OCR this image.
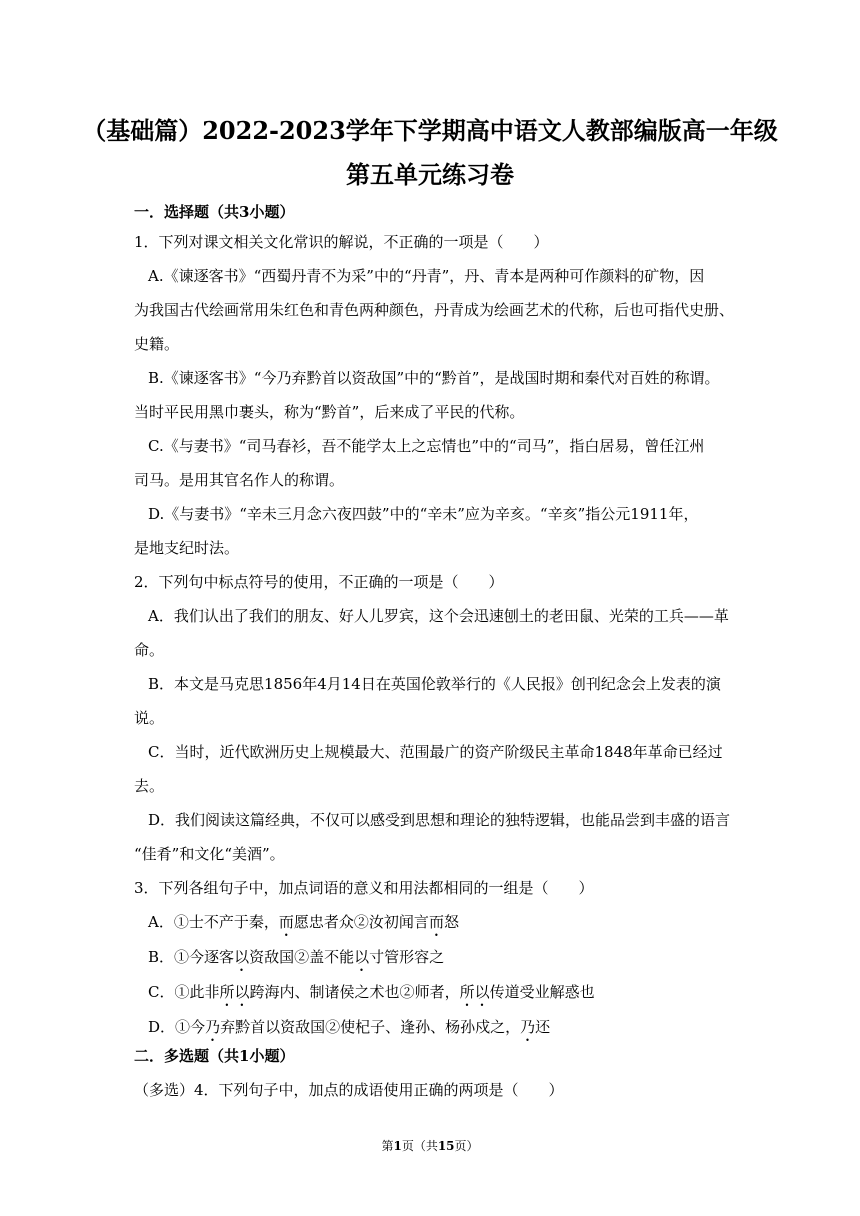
（基础篇）2022-2023学年下学期高中语文人教部编版高一年级
第五单元练习卷
一．选择题（共3小题）

1．下列对课文相关文化常识的解说，不正确的一项是（　　）

A.《谏逐客书》“西蜀丹青不为采”中的“丹青”，丹、青本是两种可作颜料的矿物，因

为我国古代绘画常用朱红色和青色两种颜色，丹青成为绘画艺术的代称，后也可指代史册、

史籍。

B.《谏逐客书》“今乃弃黔首以资敌国”中的“黔首”，是战国时期和秦代对百姓的称谓。

当时平民用黑巾裹头，称为“黔首”，后来成了平民的代称。

C.《与妻书》“司马春衫，吾不能学太上之忘情也”中的“司马”，指白居易，曾任江州

司马。是用其官名作人的称谓。

D.《与妻书》“辛未三月念六夜四鼓”中的“辛未”应为辛亥。“辛亥”指公元1911年，

是地支纪时法。

2．下列句中标点符号的使用，不正确的一项是（　　）

A．我们认出了我们的朋友、好人儿罗宾，这个会迅速刨土的老田鼠、光荣的工兵——革

命。

B．本文是马克思1856年4月14日在英国伦敦举行的《人民报》创刊纪念会上发表的演

说。

C．当时，近代欧洲历史上规模最大、范围最广的资产阶级民主革命1848年革命已经过

去。

D．我们阅读这篇经典，不仅可以感受到思想和理论的独特逻辑，也能品尝到丰盛的语言

“佳肴”和文化“美酒”。

3．下列各组句子中，加点词语的意义和用法都相同的一组是（　　）

A．①士不产于秦，而愿忠者众②汝初闻言而怒

B．①今逐客以资敌国②盖不能以寸管形容之

C．①此非所以跨海内、制诸侯之术也②师者，所以传道受业解惑也

D．①今乃弃黔首以资敌国②使杞子、逢孙、杨孙戍之，乃还

二．多选题（共1小题）
（多选）4．下列句子中，加点的成语使用正确的两项是（　　）
第1页（共15页）
